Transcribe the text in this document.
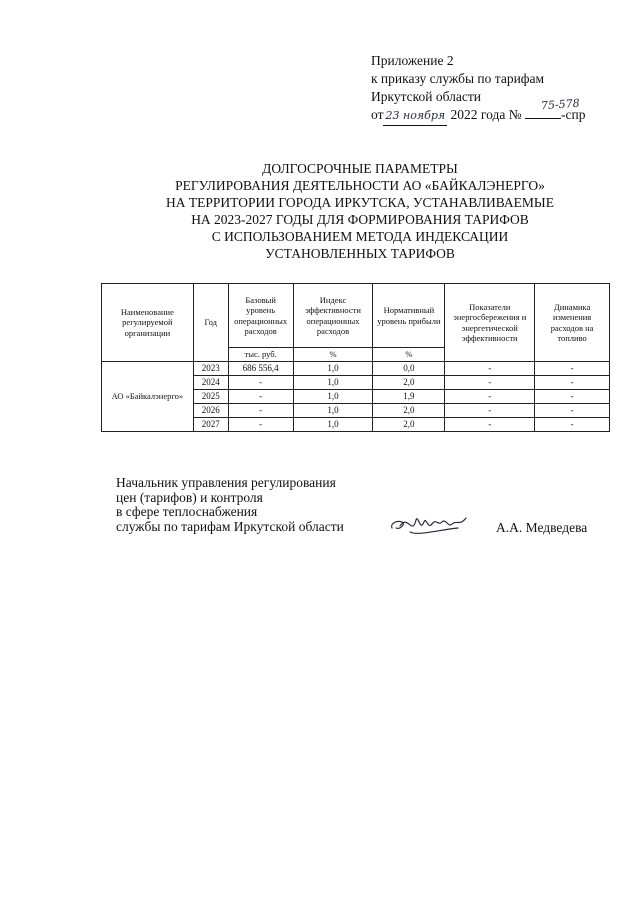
Приложение 2
к приказу службы по тарифам
Иркутской области
от 23 ноября 2022 года №	-спр
75-578
ДОЛГОСРОЧНЫЕ ПАРАМЕТРЫ
РЕГУЛИРОВАНИЯ ДЕЯТЕЛЬНОСТИ АО «БАЙКАЛЭНЕРГО»
НА ТЕРРИТОРИИ ГОРОДА ИРКУТСКА, УСТАНАВЛИВАЕМЫЕ
НА 2023-2027 ГОДЫ ДЛЯ ФОРМИРОВАНИЯ ТАРИФОВ
С ИСПОЛЬЗОВАНИЕМ МЕТОДА ИНДЕКСАЦИИ
УСТАНОВЛЕННЫХ ТАРИФОВ
Наименование регулируемой организации	Год	Базовый уровень операционных расходов	Индекс эффективности операционных расходов	Нормативный уровень прибыли	Показатели энергосбережения и энергетической эффективности	Динамика изменения расходов на топливо
		тыс. руб.	%	%		
АО «Байкалэнерго»	2023	686 556,4	1,0	0,0	-	-
	2024	-	1,0	2,0	-	-
	2025	-	1,0	1,9	-	-
	2026	-	1,0	2,0	-	-
	2027	-	1,0	2,0	-	-
Начальник управления регулирования
цен (тарифов) и контроля
в сфере теплоснабжения
службы по тарифам Иркутской области	А.А. Медведева
